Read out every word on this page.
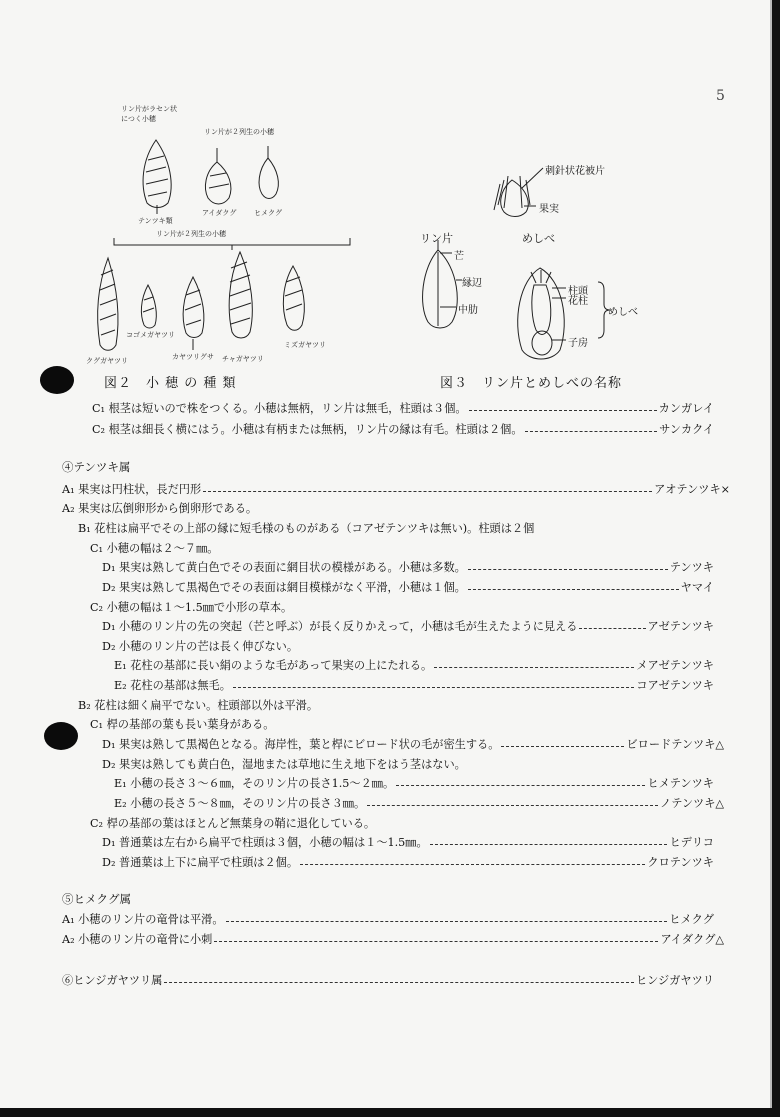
5
リン片がラセン状
につく小穂
リン片が２列生の小穂
リン片が２列生の小穂
テンツキ類
アイダクグ	ヒメクグ
クグガヤツリ
コゴメガヤツリ
カヤツリグサ チャガヤツリ
ミズガヤツリ
図２　小 穂 の 種 類
刺針状花被片
果実
リン片	めしべ
芒
縁辺
中肋
柱頭
花柱
めしべ
子房
図３　リン片とめしべの名称
C₁ 根茎は短いので株をつくる。小穂は無柄，リン片は無毛，柱頭は３個。	カンガレイ
C₂ 根茎は細長く横にはう。小穂は有柄または無柄，リン片の縁は有毛。柱頭は２個。	サンカクイ
④テンツキ属
A₁ 果実は円柱状，長だ円形	アオテンツキ×
A₂ 果実は広倒卵形から倒卵形である。
B₁ 花柱は扁平でその上部の縁に短毛様のものがある（コアゼテンツキは無い)。柱頭は２個
C₁ 小穂の幅は２～７㎜。
D₁ 果実は熟して黄白色でその表面に網目状の模様がある。小穂は多数。	テンツキ
D₂ 果実は熟して黒褐色でその表面は網目模様がなく平滑，小穂は１個。	ヤマイ
C₂ 小穂の幅は１～1.5㎜で小形の草本。
D₁ 小穂のリン片の先の突起（芒と呼ぶ）が長く反りかえって，小穂は毛が生えたように見える	アゼテンツキ
D₂ 小穂のリン片の芒は長く伸びない。
E₁ 花柱の基部に長い絹のような毛があって果実の上にたれる。	メアゼテンツキ
E₂ 花柱の基部は無毛。	コアゼテンツキ
B₂ 花柱は細く扁平でない。柱頭部以外は平滑。
C₁ 桿の基部の葉も長い葉身がある。
D₁ 果実は熟して黒褐色となる。海岸性，葉と桿にビロード状の毛が密生する。	ビロードテンツキ△
D₂ 果実は熟しても黄白色，湿地または草地に生え地下をはう茎はない。
E₁ 小穂の長さ３～６㎜，そのリン片の長さ1.5～２㎜。	ヒメテンツキ
E₂ 小穂の長さ５～８㎜，そのリン片の長さ３㎜。	ノテンツキ△
C₂ 桿の基部の葉はほとんど無葉身の鞘に退化している。
D₁ 普通葉は左右から扁平で柱頭は３個，小穂の幅は１～1.5㎜。	ヒデリコ
D₂ 普通葉は上下に扁平で柱頭は２個。	クロテンツキ
⑤ヒメクグ属
A₁ 小穂のリン片の竜骨は平滑。	ヒメクグ
A₂ 小穂のリン片の竜骨に小刺	アイダクグ△
⑥ヒンジガヤツリ属	ヒンジガヤツリ
